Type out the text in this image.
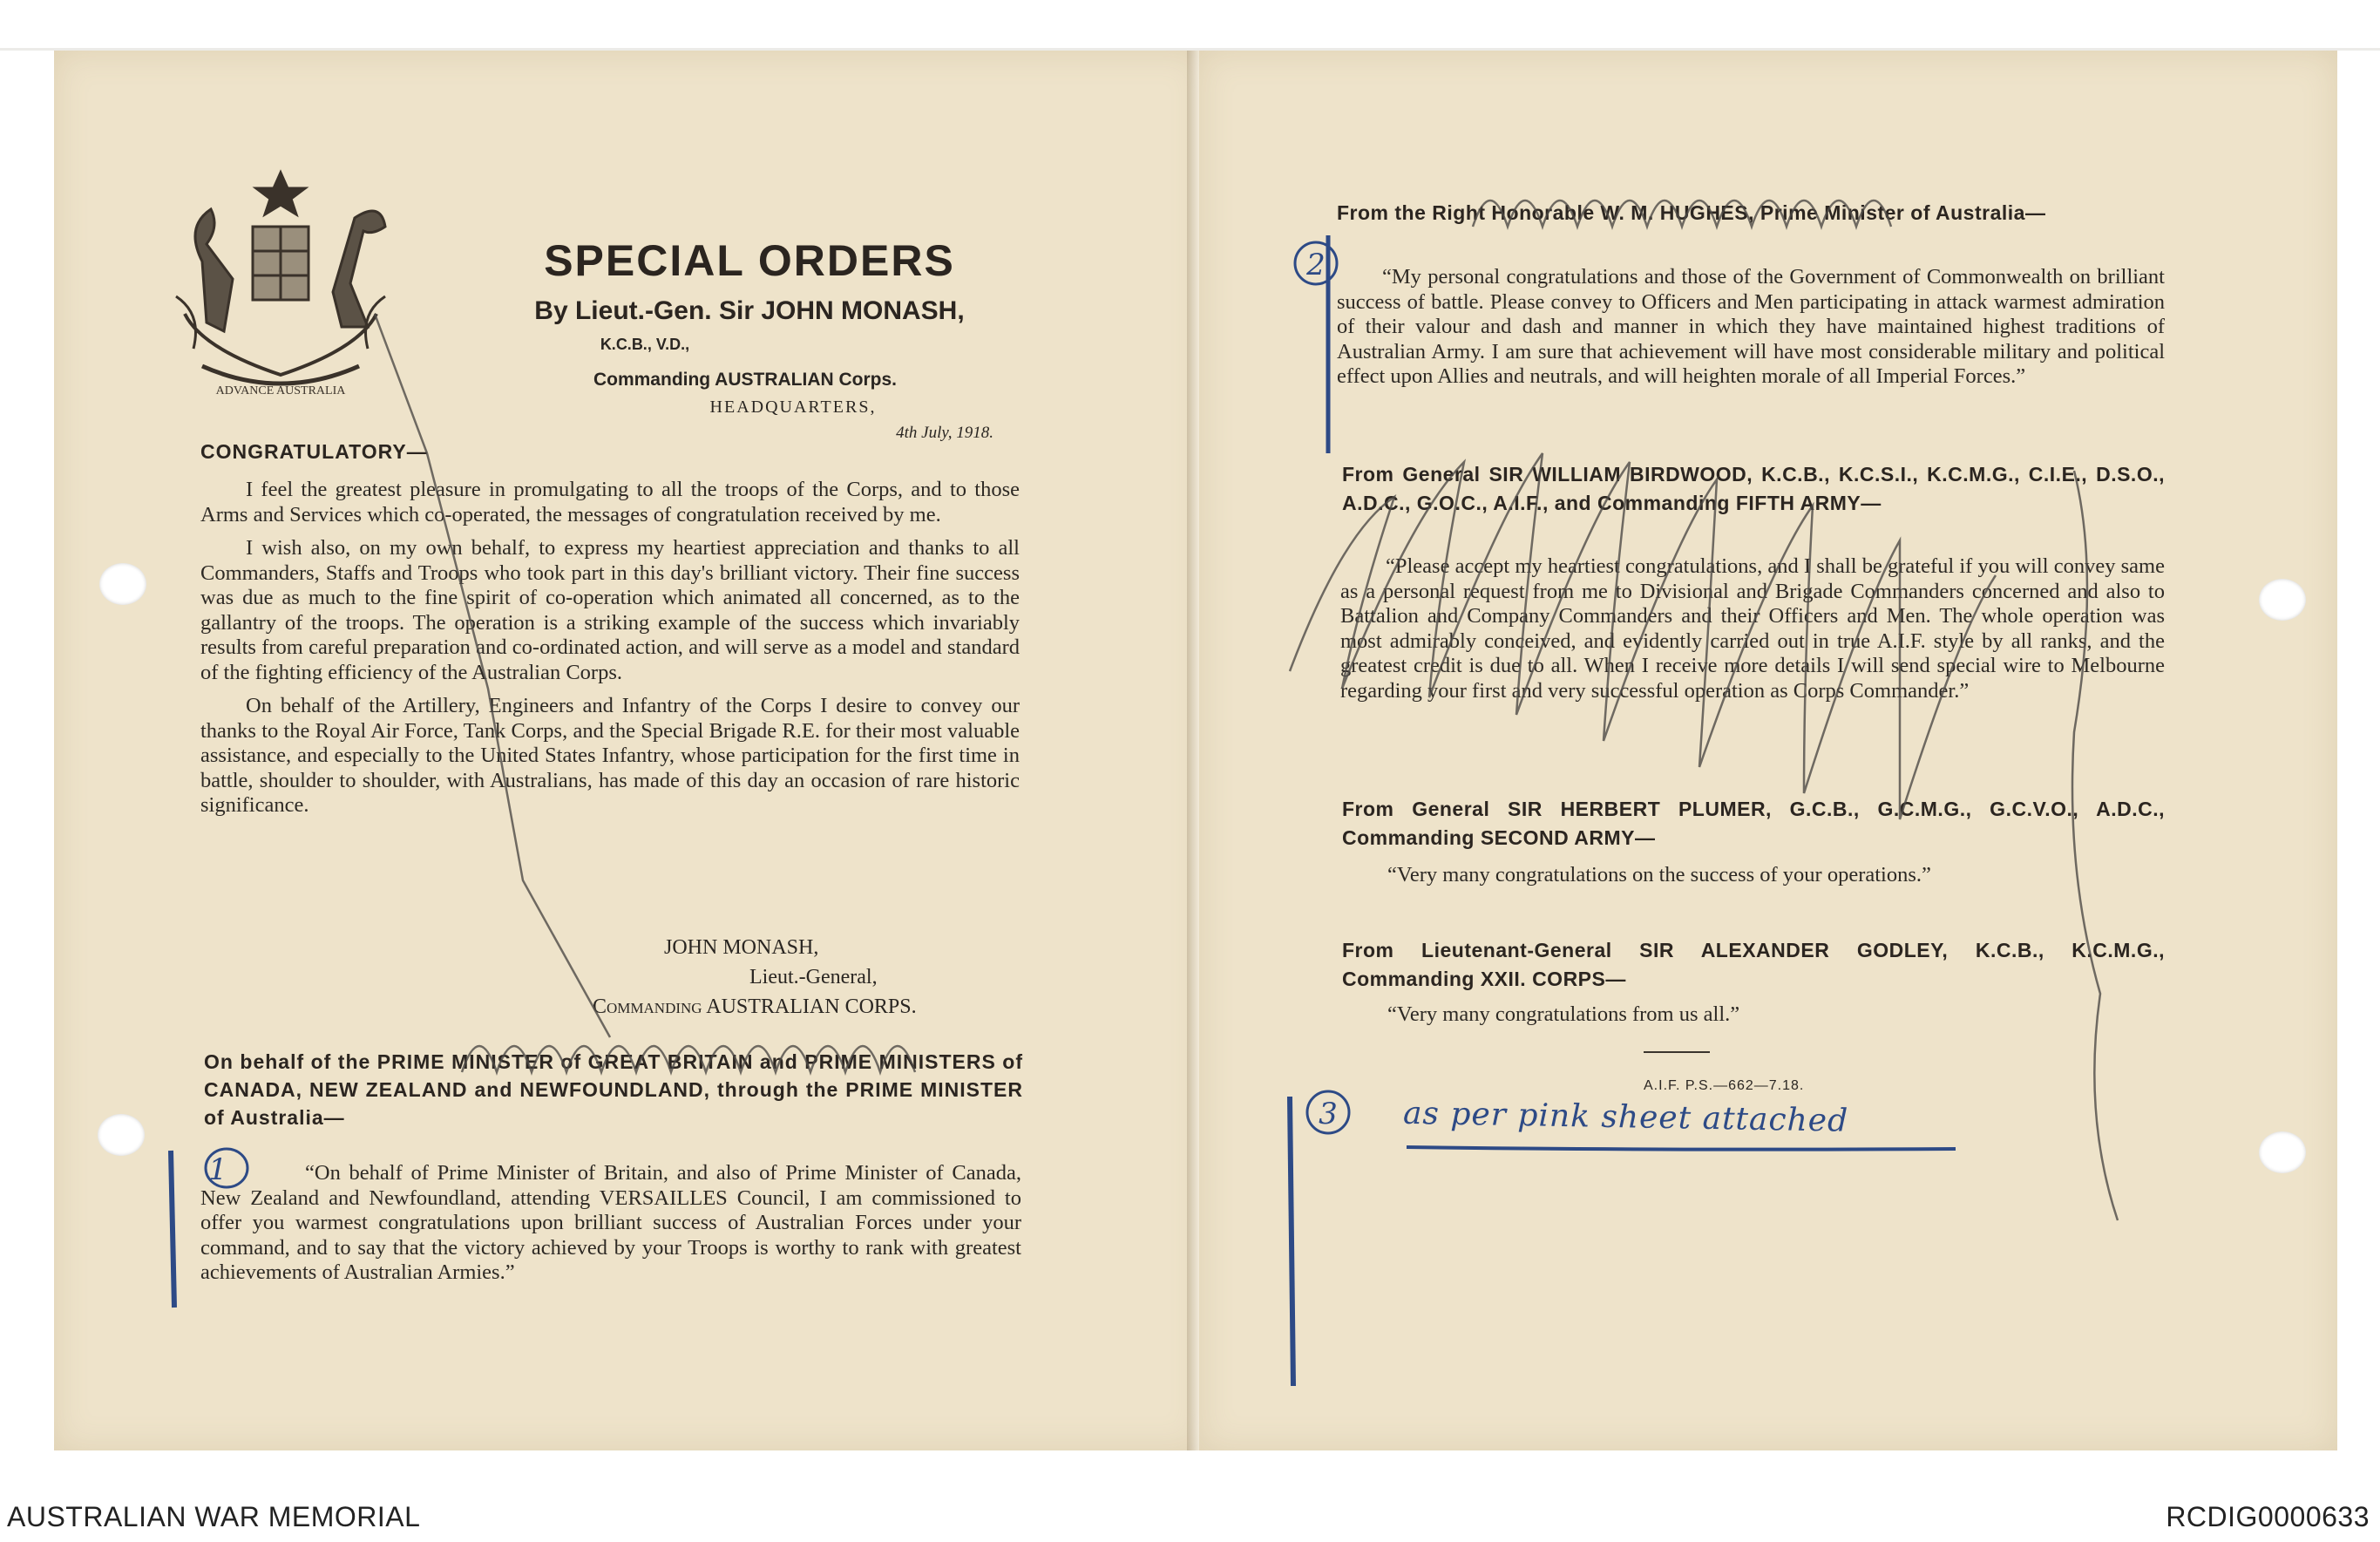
ADVANCE AUSTRALIA
SPECIAL ORDERS
By Lieut.-Gen. Sir JOHN MONASH,
K.C.B., V.D.,
Commanding AUSTRALIAN Corps.
HEADQUARTERS,
4th July, 1918.
CONGRATULATORY—

I feel the greatest pleasure in promulgating to all the troops of the Corps, and to those Arms and Services which co-operated, the messages of congratulation received by me.

I wish also, on my own behalf, to express my heartiest appreciation and thanks to all Commanders, Staffs and Troops who took part in this day's brilliant victory. Their fine success was due as much to the fine spirit of co-operation which animated all concerned, as to the gallantry of the troops. The operation is a striking example of the success which invariably results from careful preparation and co-ordinated action, and will serve as a model and standard of the fighting efficiency of the Australian Corps.

On behalf of the Artillery, Engineers and Infantry of the Corps I desire to convey our thanks to the Royal Air Force, Tank Corps, and the Special Brigade R.E. for their most valuable assistance, and especially to the United States Infantry, whose participation for the first time in battle, shoulder to shoulder, with Australians, has made of this day an occasion of rare historic significance.

JOHN MONASH,
Lieut.-General,
Commanding AUSTRALIAN CORPS.
On behalf of the PRIME MINISTER of GREAT BRITAIN and PRIME MINISTERS of CANADA, NEW ZEALAND and NEWFOUNDLAND, through the PRIME MINISTER of Australia—
“On behalf of Prime Minister of Britain, and also of Prime Minister of Canada, New Zealand and Newfoundland, attending VERSAILLES Council, I am commissioned to offer you warmest congratulations upon brilliant success of Australian Forces under your command, and to say that the victory achieved by your Troops is worthy to rank with greatest achievements of Australian Armies.”
From the Right Honorable W. M. HUGHES, Prime Minister of Australia—

“My personal congratulations and those of the Government of Commonwealth on brilliant success of battle. Please convey to Officers and Men participating in attack warmest admiration of their valour and dash and manner in which they have maintained highest traditions of Australian Army. I am sure that achievement will have most considerable military and political effect upon Allies and neutrals, and will heighten morale of all Imperial Forces.”

From General SIR WILLIAM BIRDWOOD, K.C.B., K.C.S.I., K.C.M.G., C.I.E., D.S.O., A.D.C., G.O.C., A.I.F., and Commanding FIFTH ARMY—

“Please accept my heartiest congratulations, and I shall be grateful if you will convey same as a personal request from me to Divisional and Brigade Commanders concerned and also to Battalion and Company Commanders and their Officers and Men. The whole operation was most admirably conceived, and evidently carried out in true A.I.F. style by all ranks, and the greatest credit is due to all. When I receive more details I will send special wire to Melbourne regarding your first and very successful operation as Corps Commander.”

From General SIR HERBERT PLUMER, G.C.B., G.C.M.G., G.C.V.O., A.D.C., Commanding SECOND ARMY—

“Very many congratulations on the success of your operations.”

From Lieutenant-General SIR ALEXANDER GODLEY, K.C.B., K.C.M.G., Commanding XXII. CORPS—

“Very many congratulations from us all.”

A.I.F. P.S.—662—7.18.
1
2
3 as per pink sheet attached
AUSTRALIAN WAR MEMORIAL	RCDIG0000633
